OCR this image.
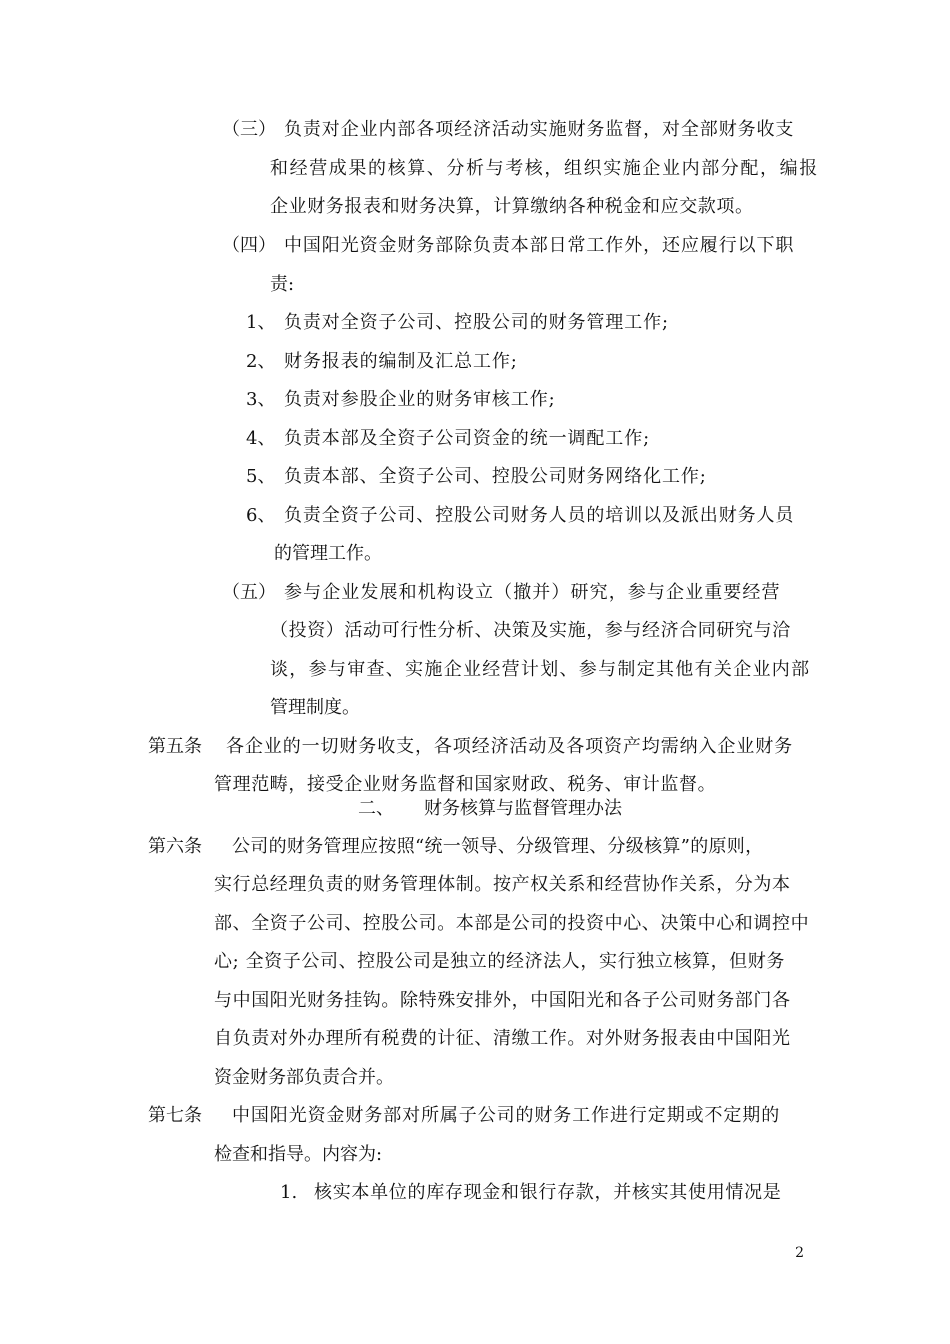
（三） 负责对企业内部各项经济活动实施财务监督，对全部财务收支
和经营成果的核算、分析与考核，组织实施企业内部分配，编报
企业财务报表和财务决算，计算缴纳各种税金和应交款项。
（四） 中国阳光资金财务部除负责本部日常工作外，还应履行以下职
责:
1、 负责对全资子公司、控股公司的财务管理工作;
2、 财务报表的编制及汇总工作;
3、 负责对参股企业的财务审核工作;
4、 负责本部及全资子公司资金的统一调配工作;
5、 负责本部、全资子公司、控股公司财务网络化工作;
6、 负责全资子公司、控股公司财务人员的培训以及派出财务人员
的管理工作。
（五） 参与企业发展和机构设立（撤并）研究，参与企业重要经营
（投资）活动可行性分析、决策及实施，参与经济合同研究与洽
谈，参与审查、实施企业经营计划、参与制定其他有关企业内部
管理制度。
第五条 各企业的一切财务收支，各项经济活动及各项资产均需纳入企业财务
管理范畴，接受企业财务监督和国家财政、税务、审计监督。
二、 财务核算与监督管理办法
第六条 公司的财务管理应按照“统一领导、分级管理、分级核算”的原则，
实行总经理负责的财务管理体制。按产权关系和经营协作关系，分为本
部、全资子公司、控股公司。本部是公司的投资中心、决策中心和调控中
心; 全资子公司、控股公司是独立的经济法人，实行独立核算，但财务
与中国阳光财务挂钩。除特殊安排外，中国阳光和各子公司财务部门各
自负责对外办理所有税费的计征、清缴工作。对外财务报表由中国阳光
资金财务部负责合并。
第七条 中国阳光资金财务部对所属子公司的财务工作进行定期或不定期的
检查和指导。内容为:
1. 核实本单位的库存现金和银行存款，并核实其使用情况是
2
